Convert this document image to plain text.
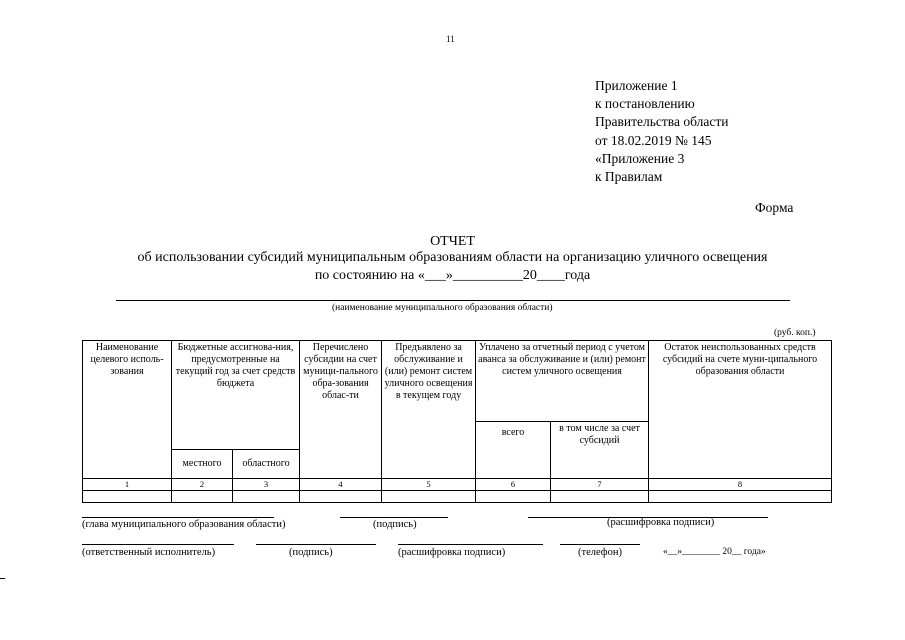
11
Приложение 1
к постановлению
Правительства области
от 18.02.2019 № 145
«Приложение 3
к Правилам
Форма
ОТЧЕТ
об использовании субсидий муниципальным образованиям области на организацию уличного освещения
по состоянию на «___»__________20____года
(наименование муниципального образования области)
(руб. коп.)
Наименование целевого исполь-зования	Бюджетные ассигнова-ния, предусмотренные на текущий год за счет средств бюджета		Перечислено субсидии на счет муници-пального обра-зования облас-ти	Предъявлено за обслуживание и (или) ремонт систем уличного освещения в текущем году	Уплачено за отчетный период с учетом аванса за обслуживание и (или) ремонт систем уличного освещения		Остаток неиспользованных средств субсидий на счете муни-ципального образования области
					всего	в том числе за счет субсидий	
	местного	областного					
1	2	3	4	5	6	7	8

(глава муниципального образования области)	(подпись)	(расшифровка подписи)
(ответственный исполнитель)	(подпись)	(расшифровка подписи)	(телефон)	«__»________ 20__ года»
